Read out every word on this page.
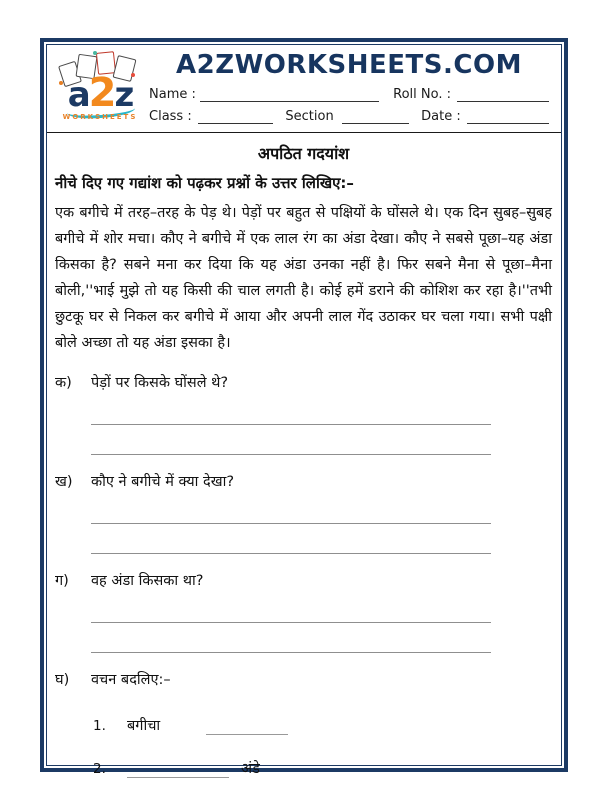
a2z
WORKSHEETS
A2ZWORKSHEETS.COM
Name :	Roll No. :
Class :	Section	Date :
अपठित गदयांश
नीचे दिए गए गद्यांश को पढ़कर प्रश्नों के उत्तर लिखिए:–
एक बगीचे में तरह–तरह के पेड़ थे। पेड़ों पर बहुत से पक्षियों के घोंसले थे। एक दिन सुबह–सुबह बगीचे में शोर मचा। कौए ने बगीचे में एक लाल रंग का अंडा देखा। कौए ने सबसे पूछा–यह अंडा किसका है? सबने मना कर दिया कि यह अंडा उनका नहीं है। फिर सबने मैना से पूछा–मैना बोली,''भाई मुझे तो यह किसी की चाल लगती है। कोई हमें डराने की कोशिश कर रहा है।''तभी छुटकू घर से निकल कर बगीचे में आया और अपनी लाल गेंद उठाकर घर चला गया। सभी पक्षी बोले अच्छा तो यह अंडा इसका है।
क)	पेड़ों पर किसके घोंसले थे?
ख)	कौए ने बगीचे में क्या देखा?
ग)	वह अंडा किसका था?
घ)	वचन बदलिए:–
1.	बगीचा
2.	अंडे
